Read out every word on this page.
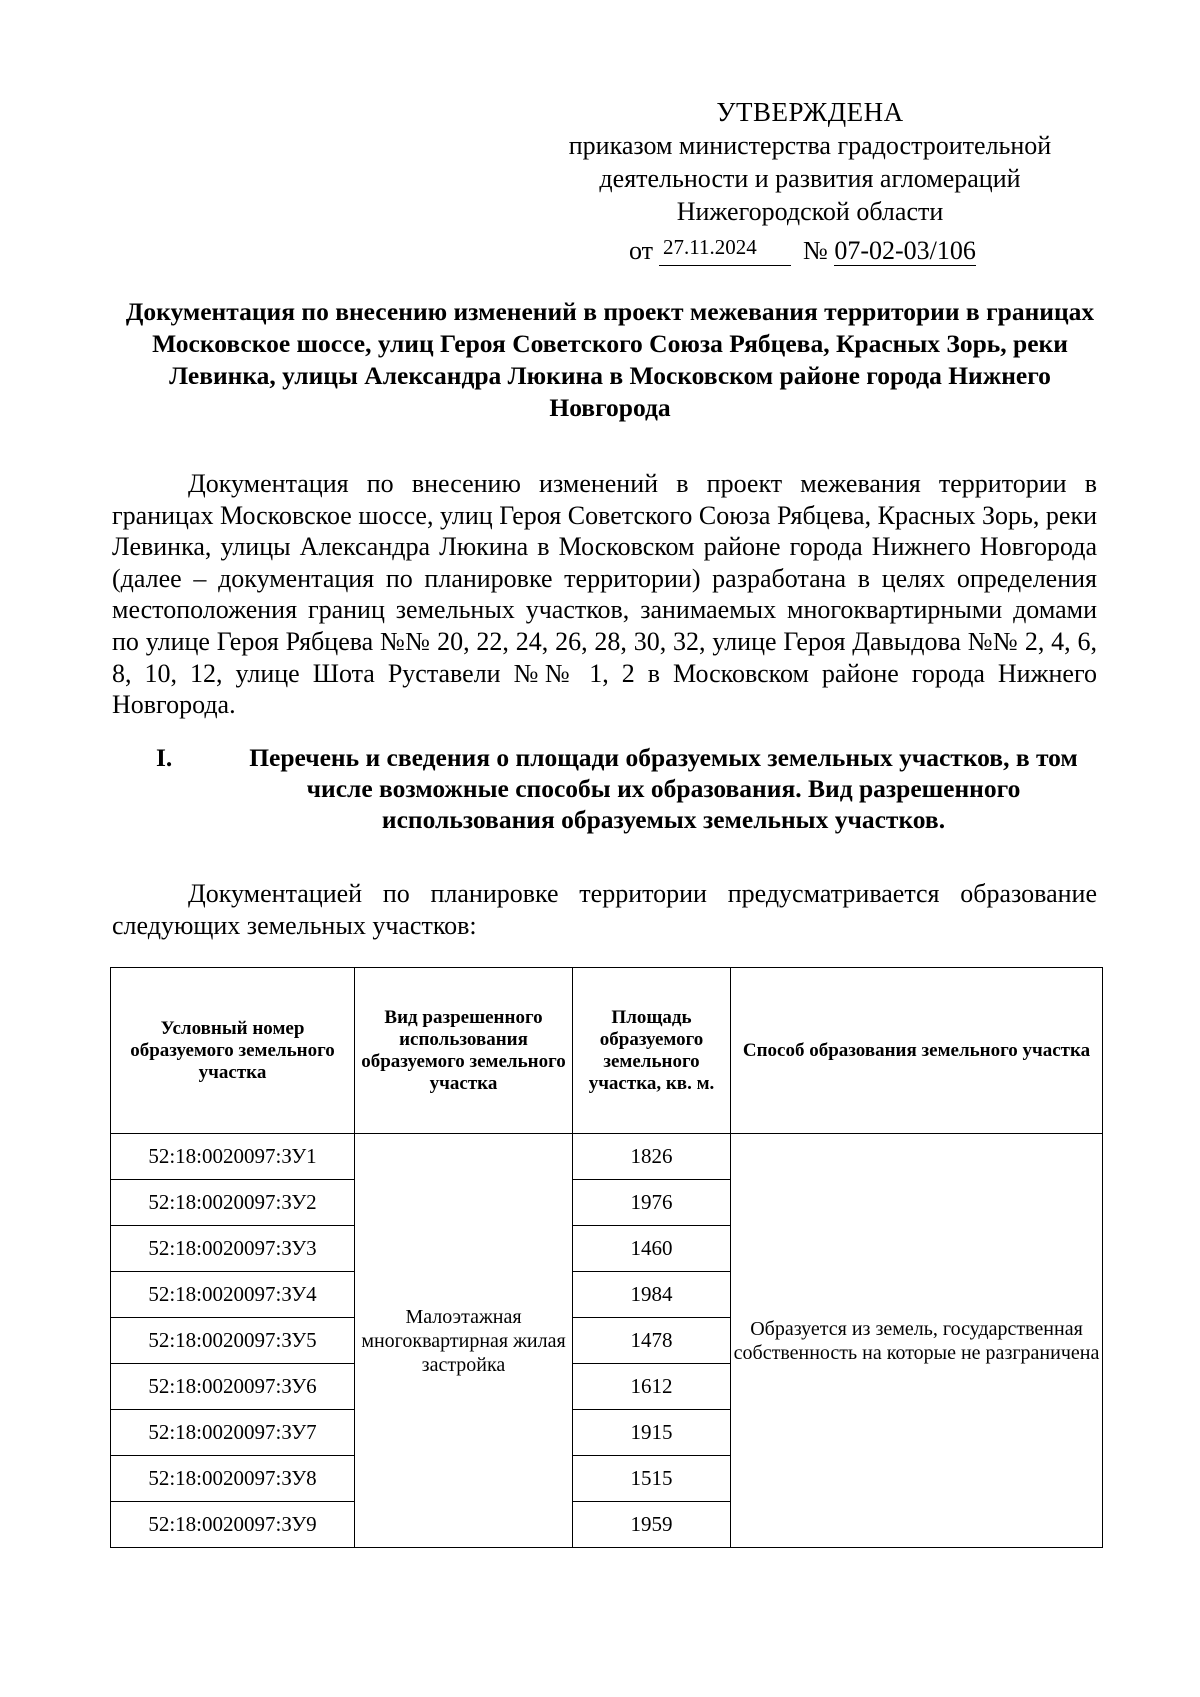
УТВЕРЖДЕНА
приказом министерства градостроительной
деятельности и развития агломераций
Нижегородской области
от 27.11.2024 № 07-02-03/106
Документация по внесению изменений в проект межевания территории в границах Московское шоссе, улиц Героя Советского Союза Рябцева, Красных Зорь, реки Левинка, улицы Александра Люкина в Московском районе города Нижнего Новгорода
Документация по внесению изменений в проект межевания территории в границах Московское шоссе, улиц Героя Советского Союза Рябцева, Красных Зорь, реки Левинка, улицы Александра Люкина в Московском районе города Нижнего Новгорода (далее – документация по планировке территории) разработана в целях определения местоположения границ земельных участков, занимаемых многоквартирными домами по улице Героя Рябцева №№ 20, 22, 24, 26, 28, 30, 32, улице Героя Давыдова №№ 2, 4, 6, 8, 10, 12, улице Шота Руставели №№ 1, 2 в Московском районе города Нижнего Новгорода.
I.	Перечень и сведения о площади образуемых земельных участков, в том числе возможные способы их образования. Вид разрешенного использования образуемых земельных участков.
Документацией по планировке территории предусматривается образование следующих земельных участков:
Условный номер образуемого земельного участка	Вид разрешенного использования образуемого земельного участка	Площадь образуемого земельного участка, кв. м.	Способ образования земельного участка
52:18:0020097:ЗУ1	Малоэтажная многоквартирная жилая застройка	1826	Образуется из земель, государственная собственность на которые не разграничена
52:18:0020097:ЗУ2		1976	
52:18:0020097:ЗУ3		1460	
52:18:0020097:ЗУ4		1984	
52:18:0020097:ЗУ5		1478	
52:18:0020097:ЗУ6		1612	
52:18:0020097:ЗУ7		1915	
52:18:0020097:ЗУ8		1515	
52:18:0020097:ЗУ9		1959	
